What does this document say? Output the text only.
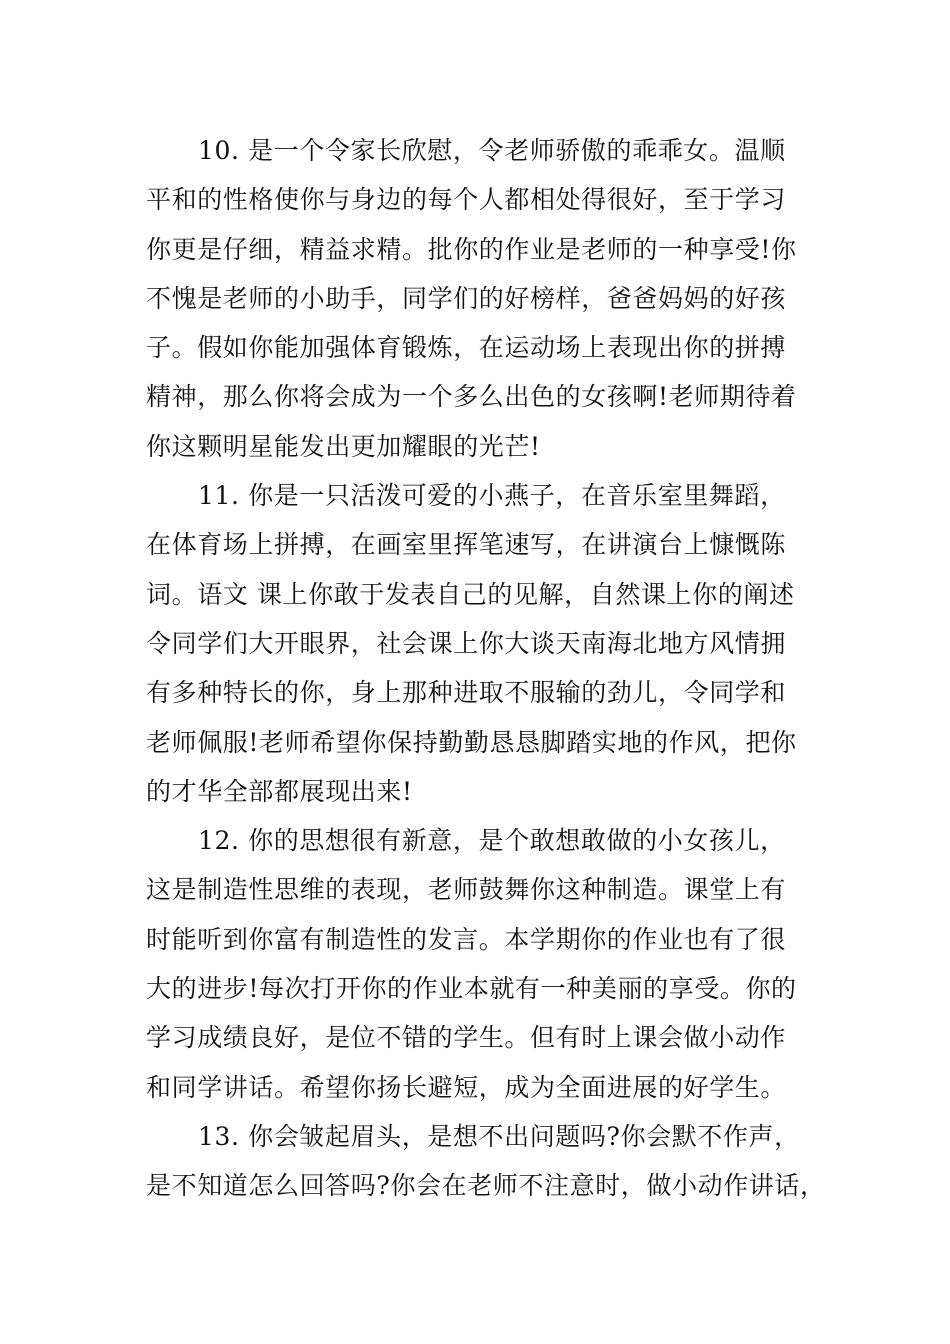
10. 是一个令家长欣慰，令老师骄傲的乖乖女。温顺
平和的性格使你与身边的每个人都相处得很好，至于学习
你更是仔细，精益求精。批你的作业是老师的一种享受!你
不愧是老师的小助手，同学们的好榜样，爸爸妈妈的好孩
子。假如你能加强体育锻炼，在运动场上表现出你的拼搏
精神，那么你将会成为一个多么出色的女孩啊!老师期待着
你这颗明星能发出更加耀眼的光芒!
11. 你是一只活泼可爱的小燕子，在音乐室里舞蹈，
在体育场上拼搏，在画室里挥笔速写，在讲演台上慷慨陈
词。语文 课上你敢于发表自己的见解，自然课上你的阐述
令同学们大开眼界，社会课上你大谈天南海北地方风情拥
有多种特长的你，身上那种进取不服输的劲儿，令同学和
老师佩服!老师希望你保持勤勤恳恳脚踏实地的作风，把你
的才华全部都展现出来!
12. 你的思想很有新意，是个敢想敢做的小女孩儿，
这是制造性思维的表现，老师鼓舞你这种制造。课堂上有
时能听到你富有制造性的发言。本学期你的作业也有了很
大的进步!每次打开你的作业本就有一种美丽的享受。你的
学习成绩良好，是位不错的学生。但有时上课会做小动作
和同学讲话。希望你扬长避短，成为全面进展的好学生。
13. 你会皱起眉头，是想不出问题吗?你会默不作声，
是不知道怎么回答吗?你会在老师不注意时，做小动作讲话，
